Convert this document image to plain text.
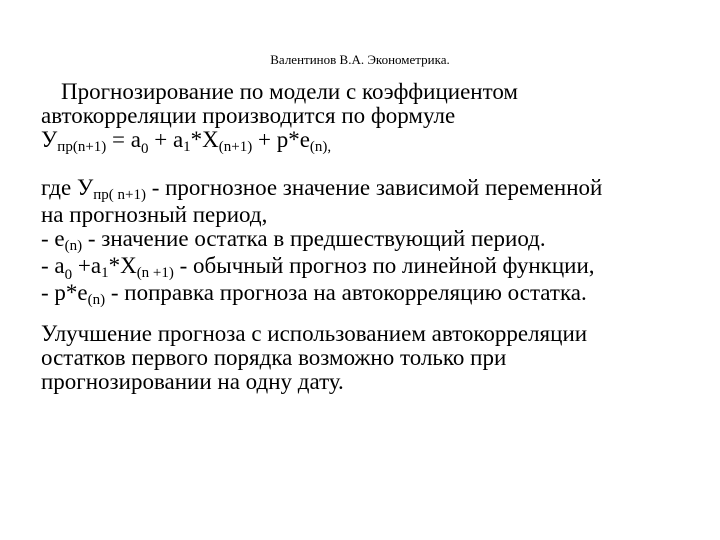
Валентинов В.А. Эконометрика.
Прогнозирование по модели с коэффициентом
автокорреляции производится по формуле
$Упр(n+1) = a_0 + a1*X(n+1) + p*e(n)$,
где Упр( n+1) - прогнозное значение зависимой переменной
на прогнозный период,
- e(n) - значение остатка в предшествующий период.
- $a_0 +a1*X(n +1)$ - обычный прогноз по линейной функции,
- p*e(n) - поправка прогноза на автокорреляцию остатка.
Улучшение прогноза с использованием автокорреляции
остатков первого порядка возможно только при
прогнозировании на одну дату.
